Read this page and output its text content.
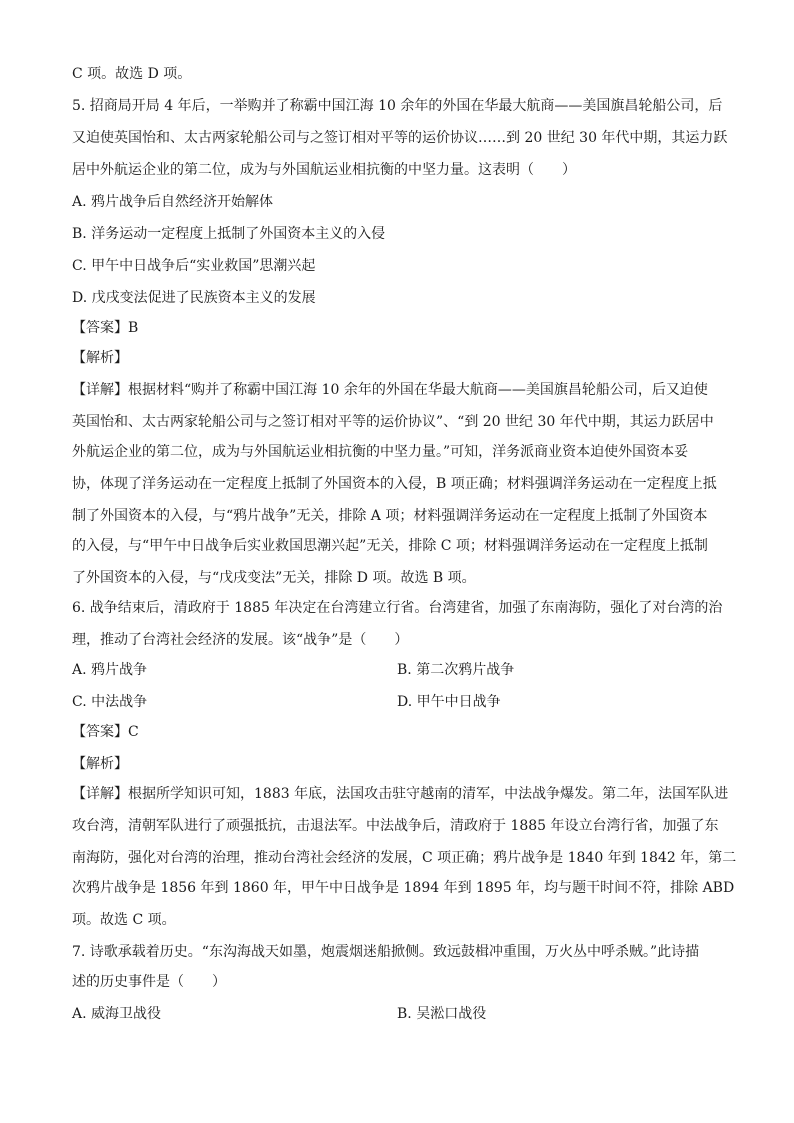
C 项。故选 D 项。
5. 招商局开局 4 年后，一举购并了称霸中国江海 10 余年的外国在华最大航商——美国旗昌轮船公司，后
又迫使英国怡和、太古两家轮船公司与之签订相对平等的运价协议……到 20 世纪 30 年代中期，其运力跃
居中外航运企业的第二位，成为与外国航运业相抗衡的中坚力量。这表明（　　）
A. 鸦片战争后自然经济开始解体
B. 洋务运动一定程度上抵制了外国资本主义的入侵
C. 甲午中日战争后“实业救国”思潮兴起
D. 戊戌变法促进了民族资本主义的发展
【答案】B
【解析】
【详解】根据材料“购并了称霸中国江海 10 余年的外国在华最大航商——美国旗昌轮船公司，后又迫使
英国怡和、太古两家轮船公司与之签订相对平等的运价协议”、“到 20 世纪 30 年代中期，其运力跃居中
外航运企业的第二位，成为与外国航运业相抗衡的中坚力量。”可知，洋务派商业资本迫使外国资本妥
协，体现了洋务运动在一定程度上抵制了外国资本的入侵，B 项正确；材料强调洋务运动在一定程度上抵
制了外国资本的入侵，与“鸦片战争”无关，排除 A 项；材料强调洋务运动在一定程度上抵制了外国资本
的入侵，与“甲午中日战争后实业救国思潮兴起”无关，排除 C 项；材料强调洋务运动在一定程度上抵制
了外国资本的入侵，与“戊戌变法”无关，排除 D 项。故选 B 项。
6. 战争结束后，清政府于 1885 年决定在台湾建立行省。台湾建省，加强了东南海防，强化了对台湾的治
理，推动了台湾社会经济的发展。该“战争”是（　　）
A. 鸦片战争	B. 第二次鸦片战争
C. 中法战争	D. 甲午中日战争
【答案】C
【解析】
【详解】根据所学知识可知，1883 年底，法国攻击驻守越南的清军，中法战争爆发。第二年，法国军队进
攻台湾，清朝军队进行了顽强抵抗，击退法军。中法战争后，清政府于 1885 年设立台湾行省，加强了东
南海防，强化对台湾的治理，推动台湾社会经济的发展，C 项正确；鸦片战争是 1840 年到 1842 年，第二
次鸦片战争是 1856 年到 1860 年，甲午中日战争是 1894 年到 1895 年，均与题干时间不符，排除 ABD
项。故选 C 项。
7. 诗歌承载着历史。“东沟海战天如墨，炮震烟迷船掀侧。致远鼓楫冲重围，万火丛中呼杀贼。”此诗描
述的历史事件是（　　）
A. 威海卫战役	B. 吴淞口战役
